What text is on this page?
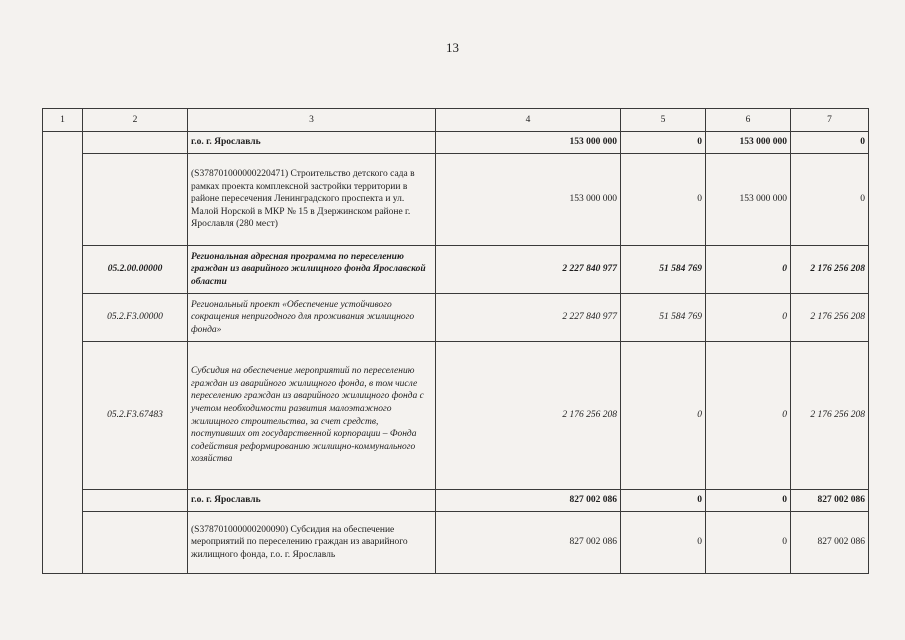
13
1	2	3	4	5	6	7
		г.о. г. Ярославль	153 000 000	0	153 000 000	0
		(S378701000000220471) Строительство детского сада в рамках проекта комплексной застройки территории в районе пересечения Ленинградского проспекта и ул. Малой Норской в МКР № 15 в Дзержинском районе г. Ярославля (280 мест)	153 000 000	0	153 000 000	0
	05.2.00.00000	Региональная адресная программа по переселению граждан из аварийного жилищного фонда Ярославской области	2 227 840 977	51 584 769	0	2 176 256 208
	05.2.F3.00000	Региональный проект «Обеспечение устойчивого сокращения непригодного для проживания жилищного фонда»	2 227 840 977	51 584 769	0	2 176 256 208
	05.2.F3.67483	Субсидия на обеспечение мероприятий по переселению граждан из аварийного жилищного фонда, в том числе переселению граждан из аварийного жилищного фонда с учетом необходимости развития малоэтажного жилищного строительства, за счет средств, поступивших от государственной корпорации – Фонда содействия реформированию жилищно-коммунального хозяйства	2 176 256 208	0	0	2 176 256 208
		г.о. г. Ярославль	827 002 086	0	0	827 002 086
		(S378701000000200090) Субсидия на обеспечение мероприятий по переселению граждан из аварийного жилищного фонда, г.о. г. Ярославль	827 002 086	0	0	827 002 086
